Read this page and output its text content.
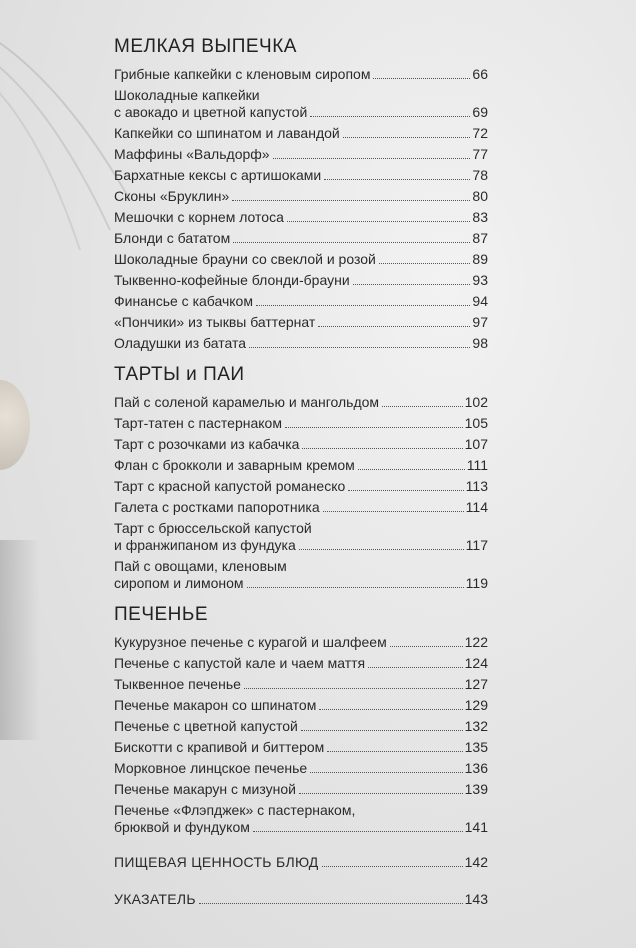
МЕЛКАЯ ВЫПЕЧКА
Грибные капкейки с кленовым сиропом	66
Шоколадные капкейки
с авокадо и цветной капустой	69
Капкейки со шпинатом и лавандой	72
Маффины «Вальдорф»	77
Бархатные кексы с артишоками	78
Сконы «Бруклин»	80
Мешочки с корнем лотоса	83
Блонди с бататом	87
Шоколадные брауни со свеклой и розой	89
Тыквенно-кофейные блонди-брауни	93
Финансье с кабачком	94
«Пончики» из тыквы баттернат	97
Оладушки из батата	98
ТАРТЫ и ПАИ
Пай с соленой карамелью и мангольдом	102
Тарт-татен с пастернаком	105
Тарт с розочками из кабачка	107
Флан с брокколи и заварным кремом	111
Тарт с красной капустой романеско	113
Галета с ростками папоротника	114
Тарт с брюссельской капустой
и франжипаном из фундука	117
Пай с овощами, кленовым
сиропом и лимоном	119
ПЕЧЕНЬЕ
Кукурузное печенье с курагой и шалфеем	122
Печенье с капустой кале и чаем маття	124
Тыквенное печенье	127
Печенье макарон со шпинатом	129
Печенье с цветной капустой	132
Бискотти с крапивой и биттером	135
Морковное линцское печенье	136
Печенье макарун с мизуной	139
Печенье «Флэпджек» с пастернаком,
брюквой и фундуком	141
ПИЩЕВАЯ ЦЕННОСТЬ БЛЮД	142
УКАЗАТЕЛЬ	143
